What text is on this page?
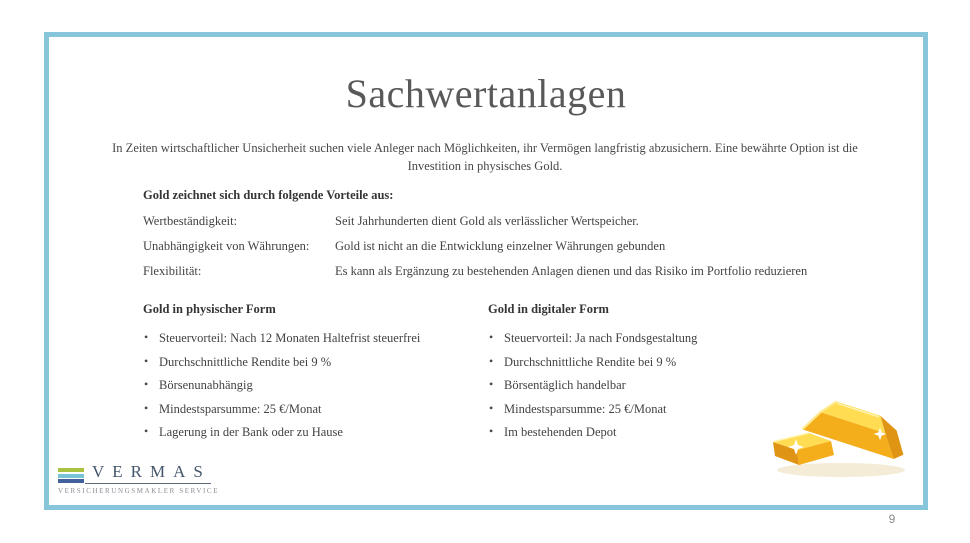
Sachwertanlagen

In Zeiten wirtschaftlicher Unsicherheit suchen viele Anleger nach Möglichkeiten, ihr Vermögen langfristig abzusichern. Eine bewährte Option ist die Investition in physisches Gold.

Gold zeichnet sich durch folgende Vorteile aus:
Wertbeständigkeit:	Seit Jahrhunderten dient Gold als verlässlicher Wertspeicher.
Unabhängigkeit von Währungen:	Gold ist nicht an die Entwicklung einzelner Währungen gebunden
Flexibilität:	Es kann als Ergänzung zu bestehenden Anlagen dienen und das Risiko im Portfolio reduzieren
Gold in physischer Form
• Steuervorteil: Nach 12 Monaten Haltefrist steuerfrei
• Durchschnittliche Rendite bei 9 %
• Börsenunabhängig
• Mindestsparsumme: 25 €/Monat
• Lagerung in der Bank oder zu Hause
Gold in digitaler Form
• Steuervorteil: Ja nach Fondsgestaltung
• Durchschnittliche Rendite bei 9 %
• Börsentäglich handelbar
• Mindestsparsumme: 25 €/Monat
• Im bestehenden Depot
VERMAS
VERSICHERUNGSMAKLER SERVICE
9
